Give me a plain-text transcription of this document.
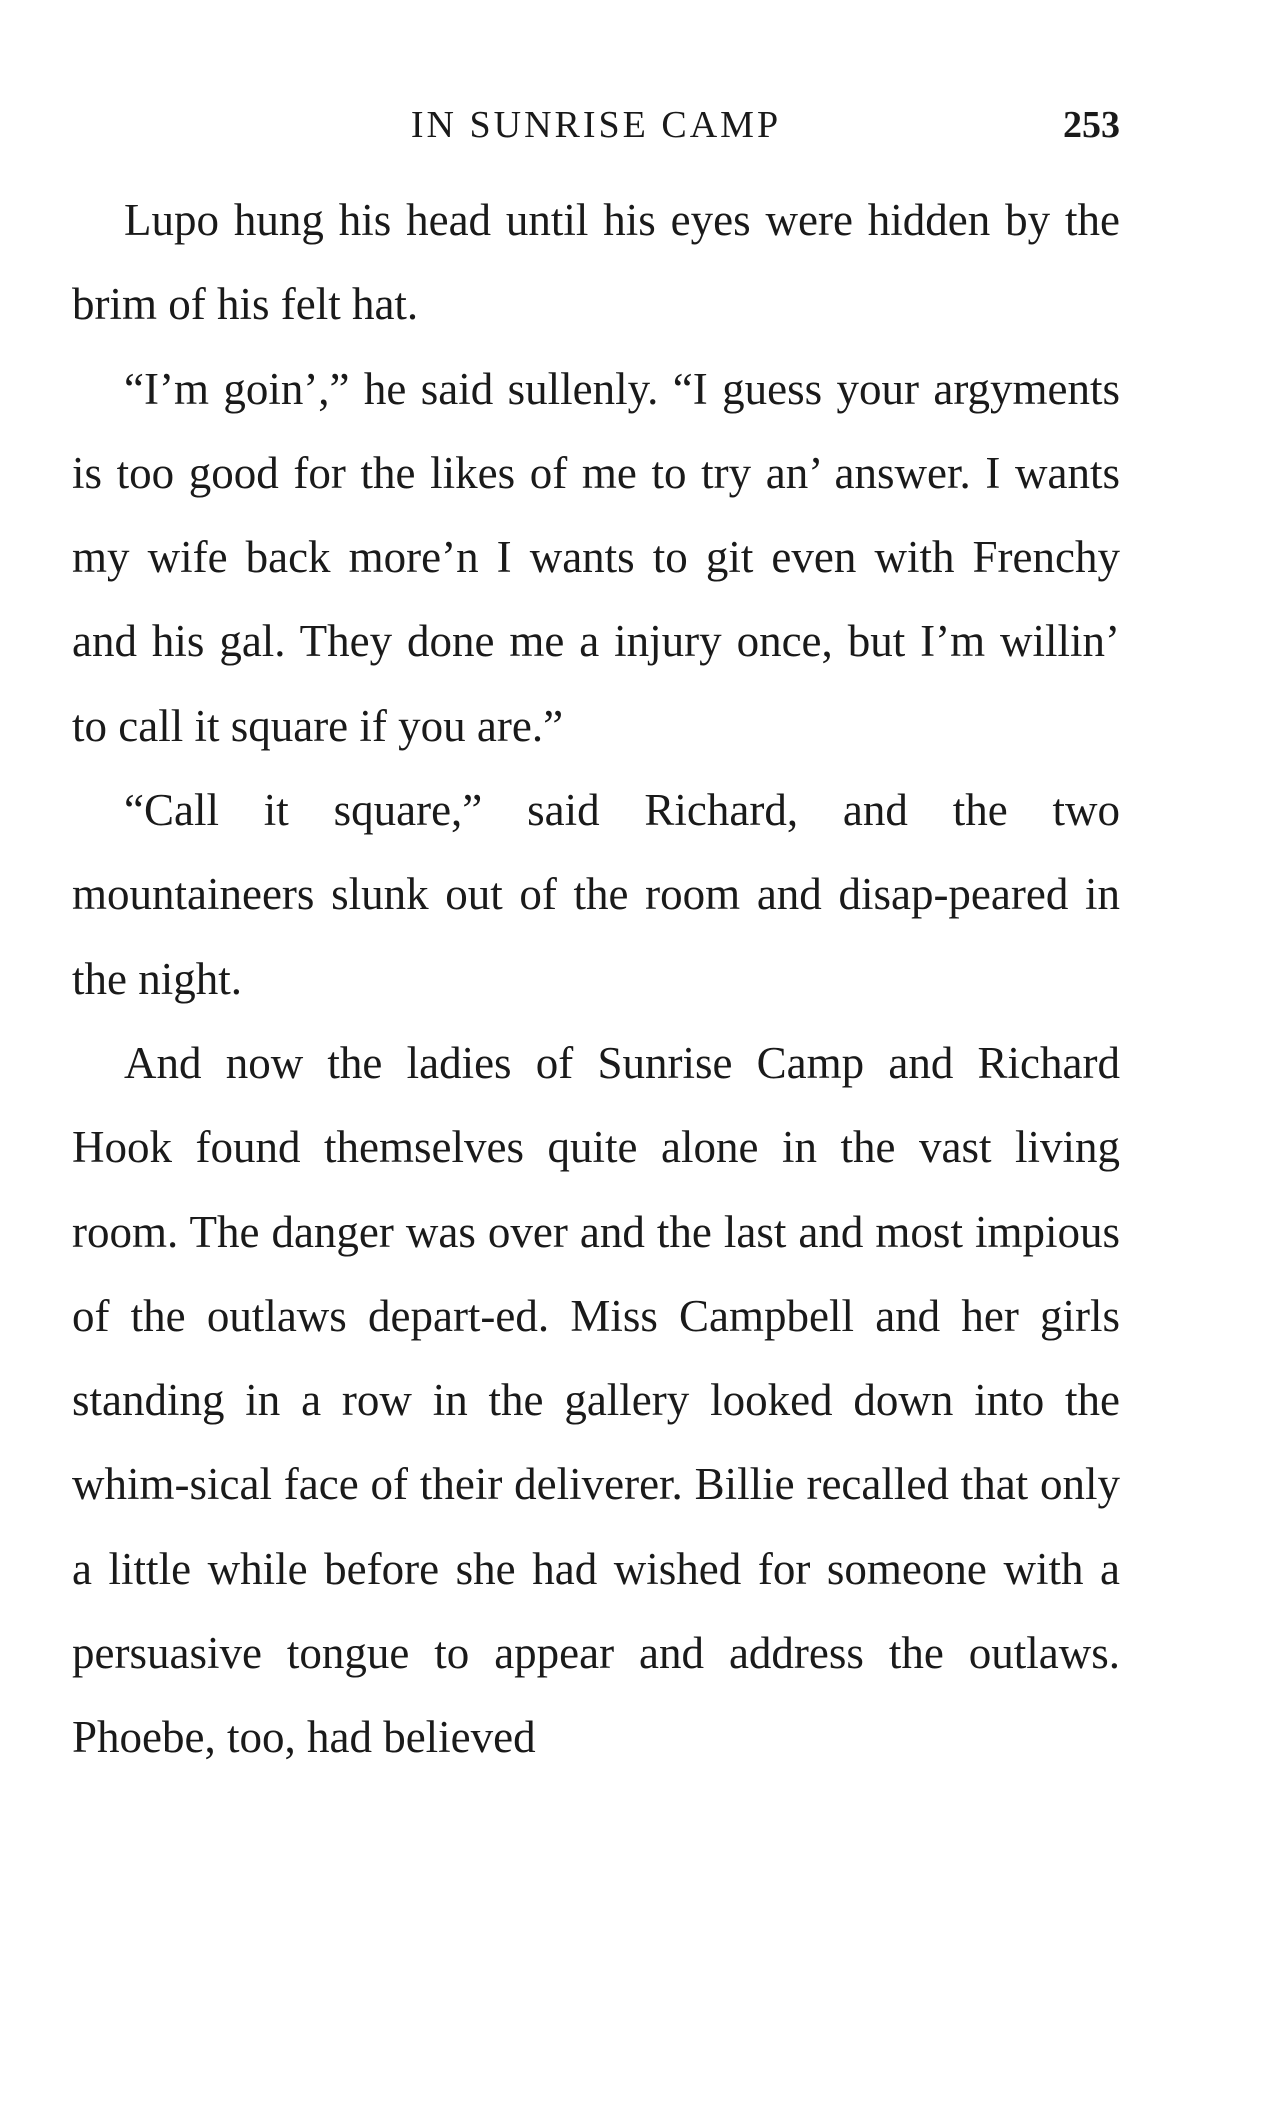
IN SUNRISE CAMP	253

Lupo hung his head until his eyes were hidden by the brim of his felt hat.

“I’m goin’,” he said sullenly. “I guess your argyments is too good for the likes of me to try an’ answer. I wants my wife back more’n I wants to git even with Frenchy and his gal. They done me a injury once, but I’m willin’ to call it square if you are.”

“Call it square,” said Richard, and the two mountaineers slunk out of the room and disap-peared in the night.

And now the ladies of Sunrise Camp and Richard Hook found themselves quite alone in the vast living room. The danger was over and the last and most impious of the outlaws depart-ed. Miss Campbell and her girls standing in a row in the gallery looked down into the whim-sical face of their deliverer. Billie recalled that only a little while before she had wished for someone with a persuasive tongue to appear and address the outlaws. Phoebe, too, had believed
